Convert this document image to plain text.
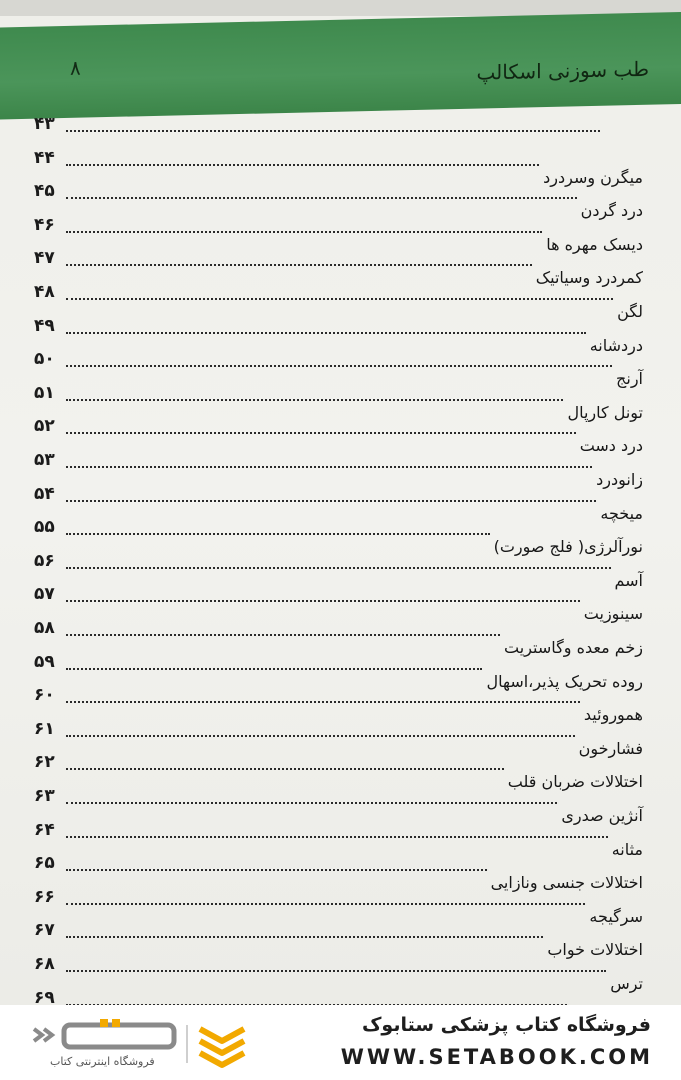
طب سوزنی اسکالپ
۸
۴۳
۴۴
میگرن وسردرد
۴۵
درد گردن
۴۶
دیسک مهره ها
۴۷
کمردرد وسیاتیک
۴۸
لگن
۴۹
دردشانه
۵۰
آرنج
۵۱
تونل کارپال
۵۲
درد دست
۵۳
زانودرد
۵۴
میخچه
۵۵
نورآلرژی( فلج صورت)
۵۶
آسم
۵۷
سینوزیت
۵۸
زخم معده وگاستریت
۵۹
روده تحریک پذیر،اسهال
۶۰
هموروئید
۶۱
فشارخون
۶۲
اختلالات ضربان قلب
۶۳
آنژین صدری
۶۴
مثانه
۶۵
اختلالات جنسی ونازایی
۶۶
سرگیجه
۶۷
اختلالات خواب
۶۸
ترس
۶۹
فروشگاه کتاب پزشکی ستابوک
WWW.SETABOOK.COM
فروشگاه اینترنتی کتاب
